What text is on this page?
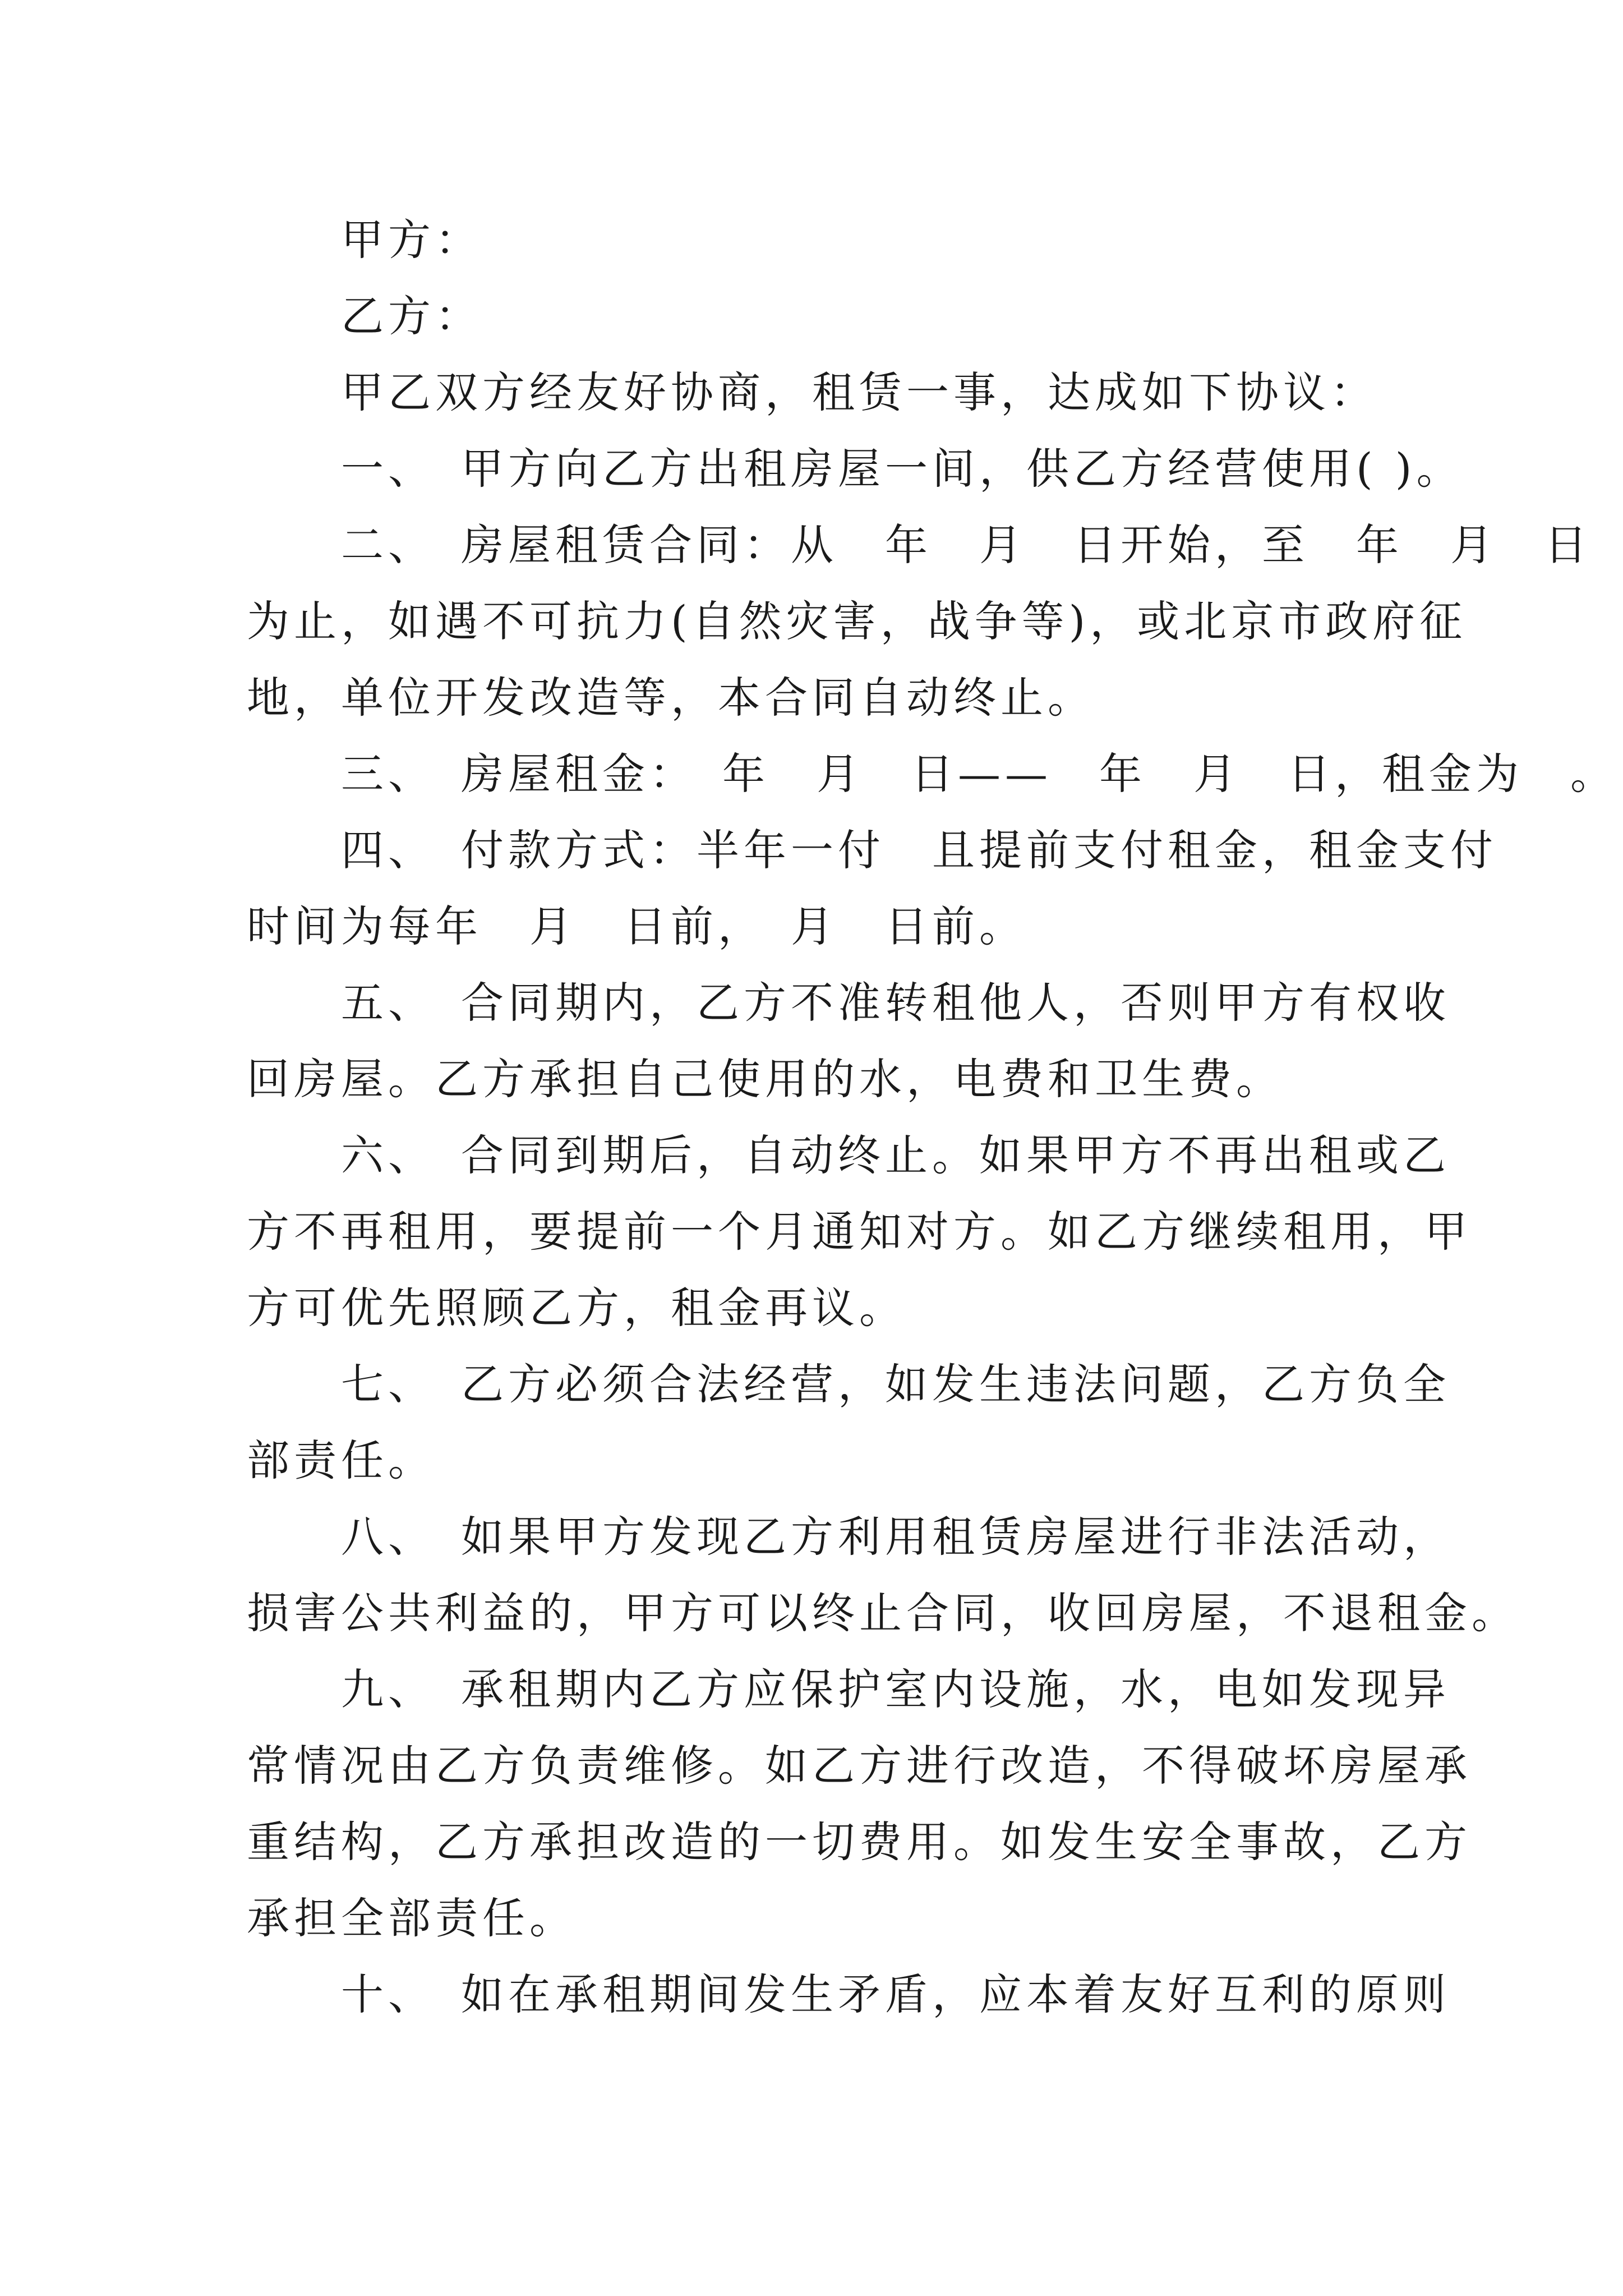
甲方：
乙方：
甲乙双方经友好协商，租赁一事，达成如下协议：
一、　甲方向乙方出租房屋一间，供乙方经营使用( )。
二、　房屋租赁合同：从　年　月　日开始，至　年　月　日
为止，如遇不可抗力(自然灾害，战争等)，或北京市政府征
地，单位开发改造等，本合同自动终止。
三、　房屋租金：　年　月　日——　年　月　日，租金为　。
四、　付款方式：半年一付　且提前支付租金，租金支付
时间为每年　月　日前，　月　日前。
五、　合同期内，乙方不准转租他人，否则甲方有权收
回房屋。乙方承担自己使用的水，电费和卫生费。
六、　合同到期后，自动终止。如果甲方不再出租或乙
方不再租用，要提前一个月通知对方。如乙方继续租用，甲
方可优先照顾乙方，租金再议。
七、　乙方必须合法经营，如发生违法问题，乙方负全
部责任。
八、　如果甲方发现乙方利用租赁房屋进行非法活动，
损害公共利益的，甲方可以终止合同，收回房屋，不退租金。
九、　承租期内乙方应保护室内设施，水，电如发现异
常情况由乙方负责维修。如乙方进行改造，不得破坏房屋承
重结构，乙方承担改造的一切费用。如发生安全事故，乙方
承担全部责任。
十、　如在承租期间发生矛盾，应本着友好互利的原则
